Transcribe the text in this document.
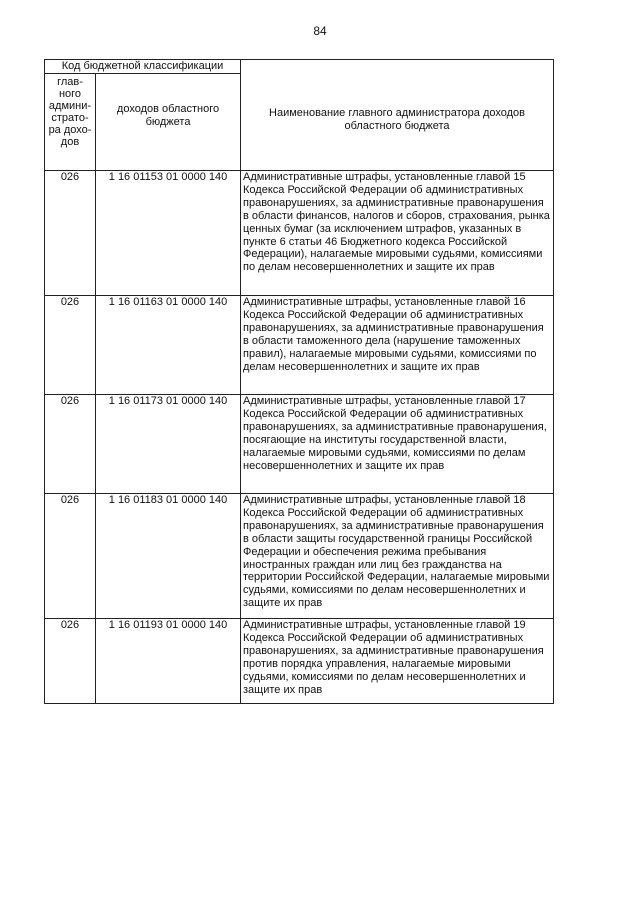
84
Код бюджетной классификации		Наименование главного администратора доходов областного бюджета
глав-ного админи-страто-ра дохо-дов	доходов областного бюджета	
026	1 16 01153 01 0000 140	Административные штрафы, установленные главой 15 Кодекса Российской Федерации об административных правонарушениях, за административные правонарушения в области финансов, налогов и сборов, страхования, рынка ценных бумаг (за исключением штрафов, указанных в пункте 6 статьи 46 Бюджетного кодекса Российской Федерации), налагаемые мировыми судьями, комиссиями по делам несовершеннолетних и защите их прав
026	1 16 01163 01 0000 140	Административные штрафы, установленные главой 16 Кодекса Российской Федерации об административных правонарушениях, за административные правонарушения в области таможенного дела (нарушение таможенных правил), налагаемые мировыми судьями, комиссиями по делам несовершеннолетних и защите их прав
026	1 16 01173 01 0000 140	Административные штрафы, установленные главой 17 Кодекса Российской Федерации об административных правонарушениях, за административные правонарушения, посягающие на институты государственной власти, налагаемые мировыми судьями, комиссиями по делам несовершеннолетних и защите их прав
026	1 16 01183 01 0000 140	Административные штрафы, установленные главой 18 Кодекса Российской Федерации об административных правонарушениях, за административные правонарушения в области защиты государственной границы Российской Федерации и обеспечения режима пребывания иностранных граждан или лиц без гражданства на территории Российской Федерации, налагаемые мировыми судьями, комиссиями по делам несовершеннолетних и защите их прав
026	1 16 01193 01 0000 140	Административные штрафы, установленные главой 19 Кодекса Российской Федерации об административных правонарушениях, за административные правонарушения против порядка управления, налагаемые мировыми судьями, комиссиями по делам несовершеннолетних и защите их прав
